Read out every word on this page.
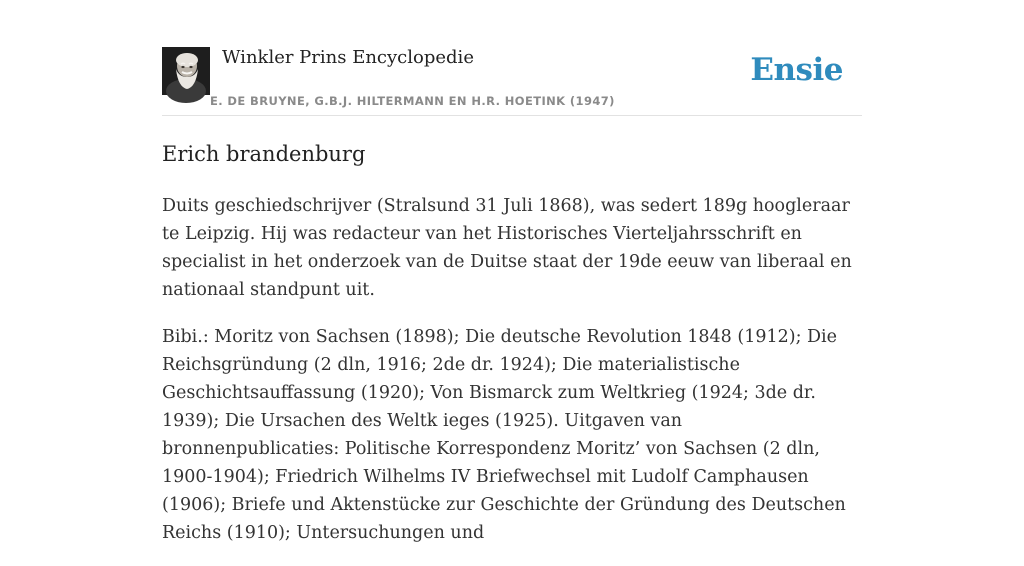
Winkler Prins Encyclopedie
E. DE BRUYNE, G.B.J. HILTERMANN EN H.R. HOETINK (1947)
Ensie
Erich brandenburg

Duits geschiedschrijver (Stralsund 31 Juli 1868), was sedert 189g hoogleraar te Leipzig. Hij was redacteur van het Historisches Vierteljahrsschrift en specialist in het onderzoek van de Duitse staat der 19de eeuw van liberaal en nationaal standpunt uit.

Bibi.: Moritz von Sachsen (1898); Die deutsche Revolution 1848 (1912); Die Reichsgründung (2 dln, 1916; 2de dr. 1924); Die materialistische Geschichtsauffassung (1920); Von Bismarck zum Weltkrieg (1924; 3de dr. 1939); Die Ursachen des Weltk ieges (1925). Uitgaven van bronnenpublicaties: Politische Korrespondenz Moritz’ von Sachsen (2 dln, 1900-1904); Friedrich Wilhelms IV Briefwechsel mit Ludolf Camphausen (1906); Briefe und Aktenstücke zur Geschichte der Gründung des Deutschen Reichs (1910); Untersuchungen und
